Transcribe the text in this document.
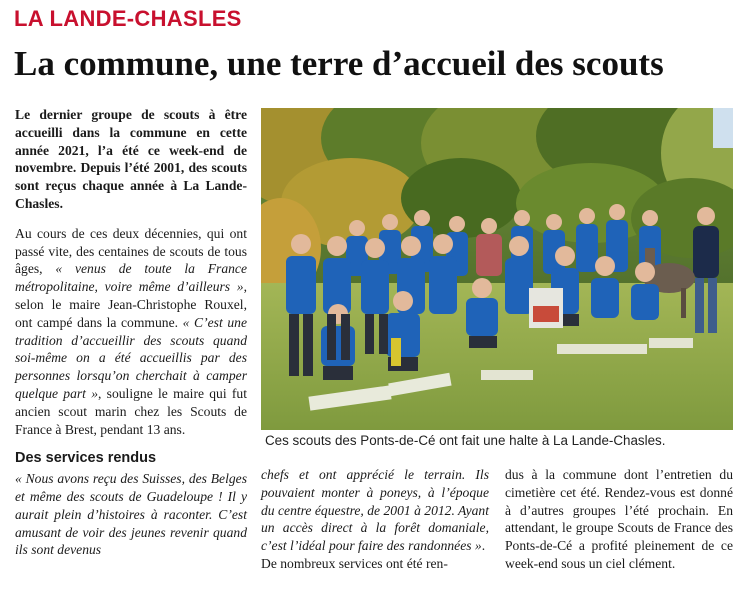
LA LANDE-CHASLES
La commune, une terre d’accueil des scouts

Le dernier groupe de scouts à être accueilli dans la commune en cette année 2021, l’a été ce week-end de novembre. Depuis l’été 2001, des scouts sont reçus chaque année à La Lande-Chasles.

Au cours de ces deux décennies, qui ont passé vite, des centaines de scouts de tous âges, « venus de toute la France métropolitaine, voire même d’ailleurs », selon le maire Jean-Christophe Rouxel, ont campé dans la commune. « C’est une tradition d’accueillir des scouts quand soi-même on a été accueillis par des personnes lorsqu’on cherchait à camper quelque part », souligne le maire qui fut ancien scout marin chez les Scouts de France à Brest, pendant 13 ans.

Des services rendus

« Nous avons reçu des Suisses, des Belges et même des scouts de Guadeloupe ! Il y aurait plein d’histoires à raconter. C’est amusant de voir des jeunes revenir quand ils sont devenus

Ces scouts des Ponts-de-Cé ont fait une halte à La Lande-Chasles.

chefs et ont apprécié le terrain. Ils pouvaient monter à poneys, à l’époque du centre équestre, de 2001 à 2012. Ayant un accès direct à la forêt domaniale, c’est l’idéal pour faire des randonnées ».
De nombreux services ont été ren-

dus à la commune dont l’entretien du cimetière cet été. Rendez-vous est donné à d’autres groupes l’été prochain. En attendant, le groupe Scouts de France des Ponts-de-Cé a profité pleinement de ce week-end sous un ciel clément.
